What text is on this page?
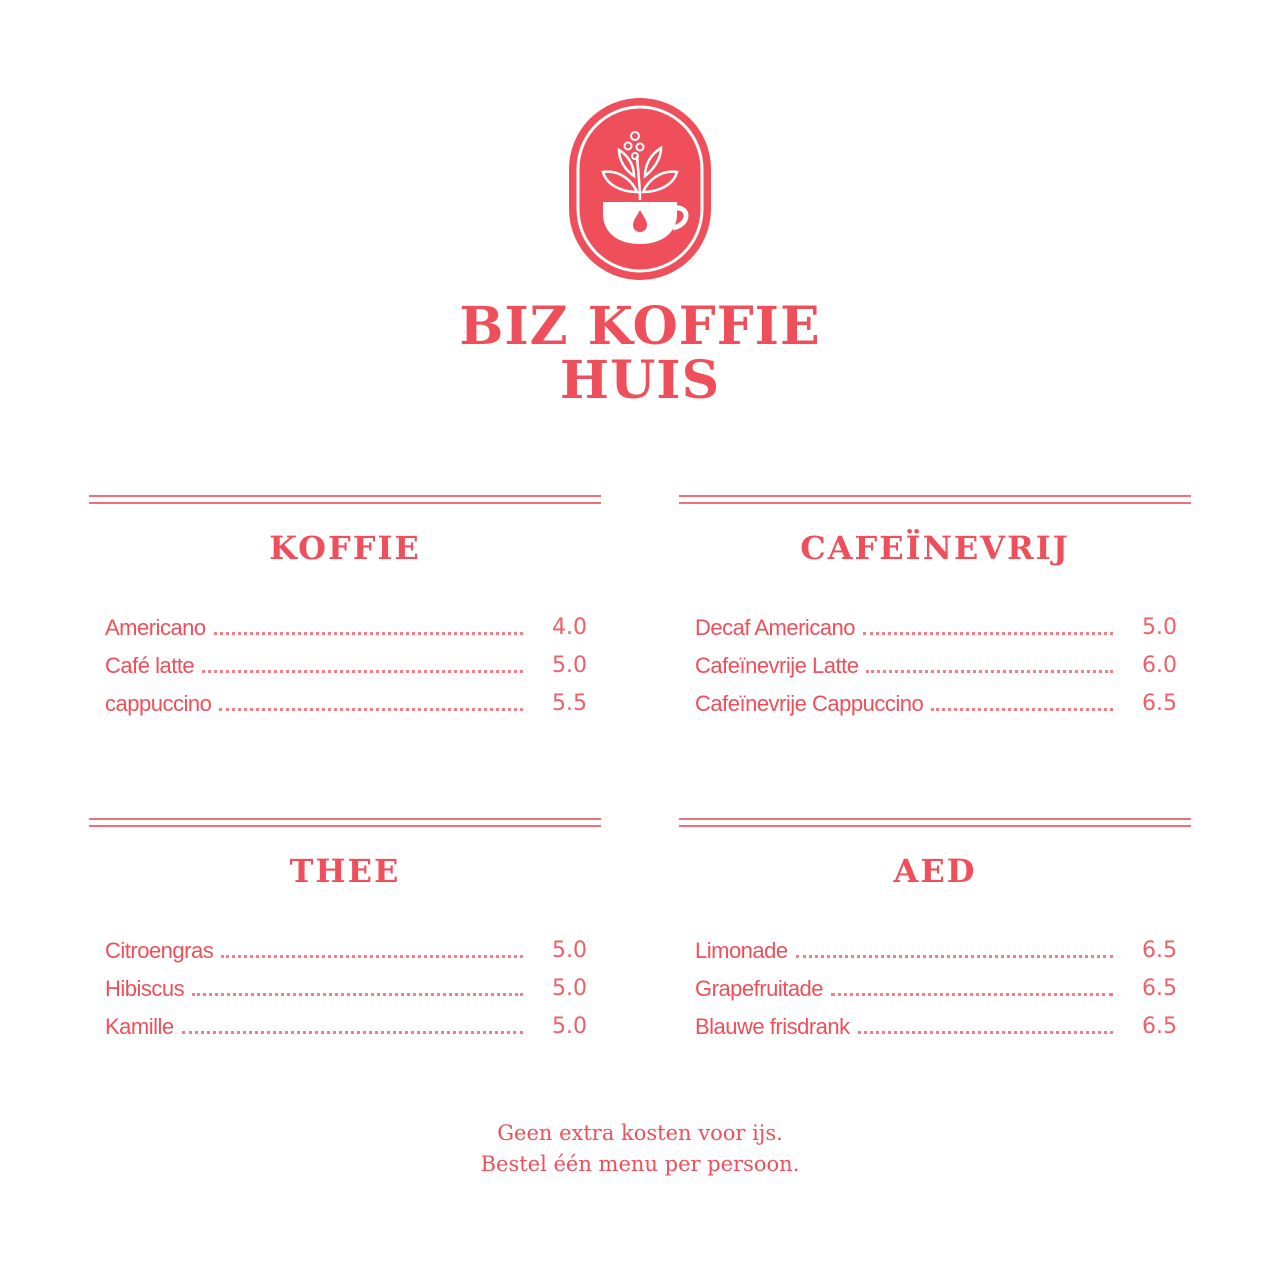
BIZ KOFFIE
HUIS
KOFFIE
Americano	4.0
Café latte	5.0
cappuccino	5.5
CAFEÏNEVRIJ
Decaf Americano	5.0
Cafeïnevrije Latte	6.0
Cafeïnevrije Cappuccino	6.5
THEE
Citroengras	5.0
Hibiscus	5.0
Kamille	5.0
AED
Limonade	6.5
Grapefruitade	6.5
Blauwe frisdrank	6.5
Geen extra kosten voor ijs.
Bestel één menu per persoon.
